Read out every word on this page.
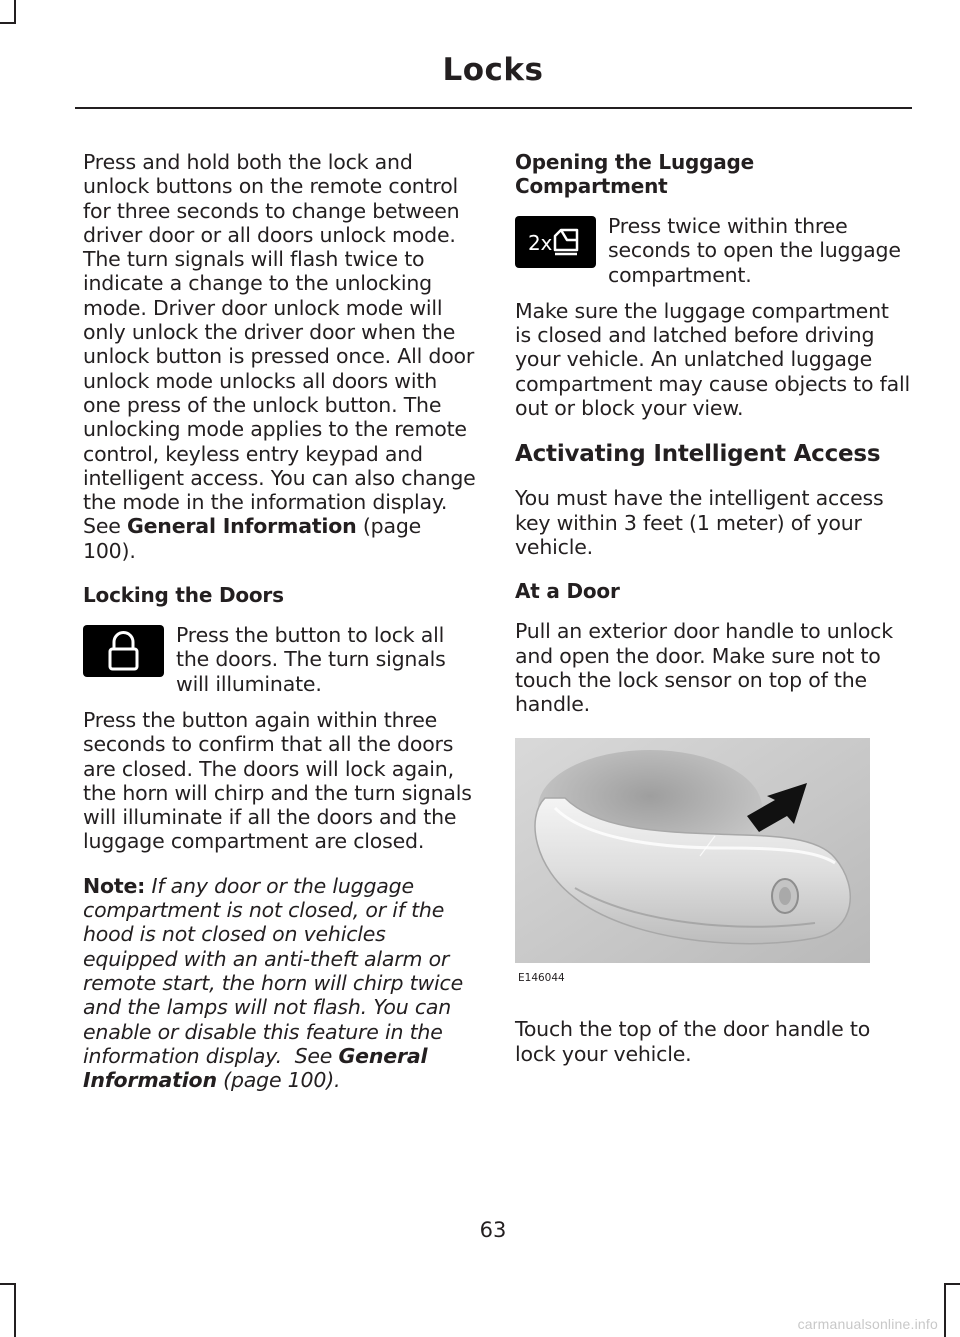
Locks

Press and hold both the lock and unlock buttons on the remote control for three seconds to change between driver door or all doors unlock mode. The turn signals will flash twice to indicate a change to the unlocking mode. Driver door unlock mode will only unlock the driver door when the unlock button is pressed once. All door unlock mode unlocks all doors with one press of the unlock button. The unlocking mode applies to the remote control, keyless entry keypad and intelligent access. You can also change the mode in the information display.  See General Information (page 100).

Locking the Doors
Press the button to lock all the doors. The turn signals will illuminate.

Press the button again within three seconds to confirm that all the doors are closed. The doors will lock again, the horn will chirp and the turn signals will illuminate if all the doors and the luggage compartment are closed.

Note: If any door or the luggage compartment is not closed, or if the hood is not closed on vehicles equipped with an anti-theft alarm or remote start, the horn will chirp twice and the lamps will not flash. You can enable or disable this feature in the information display. See General Information (page 100).

Opening the Luggage Compartment
2x
Press twice within three seconds to open the luggage compartment.

Make sure the luggage compartment is closed and latched before driving your vehicle. An unlatched luggage compartment may cause objects to fall out or block your view.

Activating Intelligent Access

You must have the intelligent access key within 3 feet (1 meter) of your vehicle.

At a Door

Pull an exterior door handle to unlock and open the door. Make sure not to touch the lock sensor on top of the handle.

E146044

Touch the top of the door handle to lock your vehicle.

63
carmanualsonline.info
